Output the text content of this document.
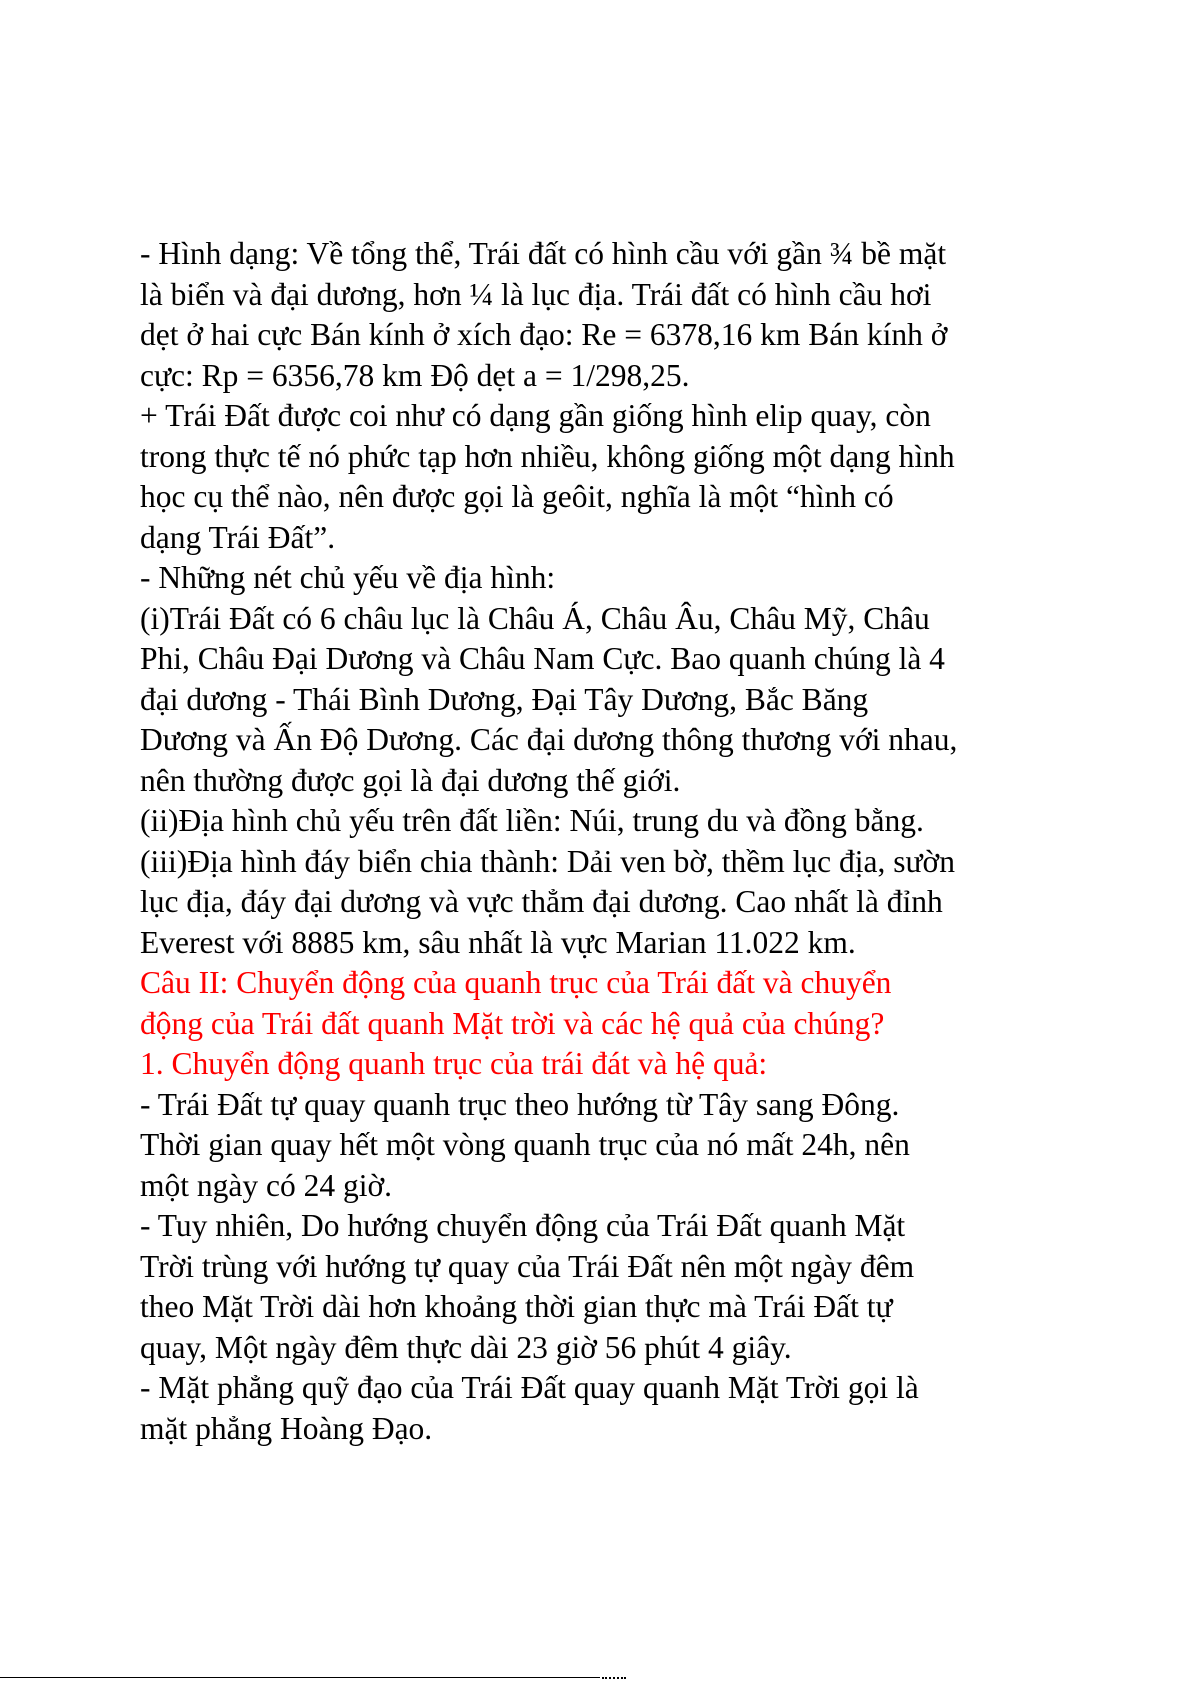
- Hình dạng: Về tổng thể, Trái đất có hình cầu với gần ¾ bề mặt

là biển và đại dương, hơn ¼ là lục địa. Trái đất có hình cầu hơi

dẹt ở hai cực Bán kính ở xích đạo: Re = 6378,16 km Bán kính ở

cực: Rp = 6356,78 km Độ dẹt a = 1/298,25.

+ Trái Đất được coi như có dạng gần giống hình elip quay, còn

trong thực tế nó phức tạp hơn nhiều, không giống một dạng hình

học cụ thể nào, nên được gọi là geôit, nghĩa là một “hình có

dạng Trái Đất”.

- Những nét chủ yếu về địa hình:

(i)Trái Đất có 6 châu lục là Châu Á, Châu Âu, Châu Mỹ, Châu

Phi, Châu Đại Dương và Châu Nam Cực. Bao quanh chúng là 4

đại dương - Thái Bình Dương, Đại Tây Dương, Bắc Băng

Dương và Ấn Độ Dương. Các đại dương thông thương với nhau,

nên thường được gọi là đại dương thế giới.

(ii)Địa hình chủ yếu trên đất liền: Núi, trung du và đồng bằng.

(iii)Địa hình đáy biển chia thành: Dải ven bờ, thềm lục địa, sườn

lục địa, đáy đại dương và vực thẳm đại dương. Cao nhất là đỉnh

Everest với 8885 km, sâu nhất là vực Marian 11.022 km.

Câu II: Chuyển động của quanh trục của Trái đất và chuyển

động của Trái đất quanh Mặt trời và các hệ quả của chúng?

1. Chuyển động quanh trục của trái đát và hệ quả:

- Trái Đất tự quay quanh trục theo hướng từ Tây sang Đông.

Thời gian quay hết một vòng quanh trục của nó mất 24h, nên

một ngày có 24 giờ.

- Tuy nhiên, Do hướng chuyển động của Trái Đất quanh Mặt

Trời trùng với hướng tự quay của Trái Đất nên một ngày đêm

theo Mặt Trời dài hơn khoảng thời gian thực mà Trái Đất tự

quay, Một ngày đêm thực dài 23 giờ 56 phút 4 giây.

- Mặt phẳng quỹ đạo của Trái Đất quay quanh Mặt Trời gọi là

mặt phẳng Hoàng Đạo.
